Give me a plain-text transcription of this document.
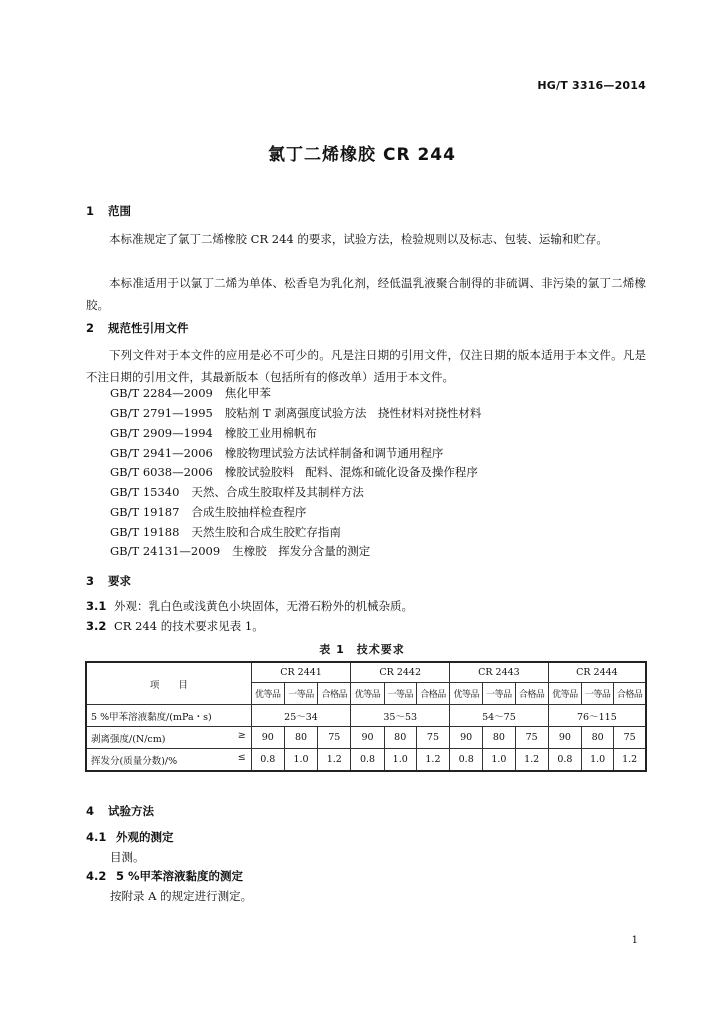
HG/T 3316—2014
氯丁二烯橡胶 CR 244
1 范围
本标准规定了氯丁二烯橡胶 CR 244 的要求，试验方法，检验规则以及标志、包装、运输和贮存。
本标准适用于以氯丁二烯为单体、松香皂为乳化剂，经低温乳液聚合制得的非硫调、非污染的氯丁二烯橡胶。
2 规范性引用文件
下列文件对于本文件的应用是必不可少的。凡是注日期的引用文件，仅注日期的版本适用于本文件。凡是不注日期的引用文件，其最新版本（包括所有的修改单）适用于本文件。
GB/T 2284—2009 焦化甲苯
GB/T 2791—1995 胶粘剂 T 剥离强度试验方法　挠性材料对挠性材料
GB/T 2909—1994 橡胶工业用棉帆布
GB/T 2941—2006 橡胶物理试验方法试样制备和调节通用程序
GB/T 6038—2006 橡胶试验胶料　配料、混炼和硫化设备及操作程序
GB/T 15340 天然、合成生胶取样及其制样方法
GB/T 19187 合成生胶抽样检查程序
GB/T 19188 天然生胶和合成生胶贮存指南
GB/T 24131—2009 生橡胶　挥发分含量的测定
3 要求
3.1 外观：乳白色或浅黄色小块固体，无滑石粉外的机械杂质。
3.2 CR 244 的技术要求见表 1。
表 1　技术要求
项　　目	CR 2441			CR 2442			CR 2443			CR 2444		
	优等品	一等品	合格品	优等品	一等品	合格品	优等品	一等品	合格品	优等品	一等品	合格品
5 %甲苯溶液黏度/(mPa・s)	25～34			35～53			54～75			76～115		
剥离强度/(N/cm) ≥	90	80	75	90	80	75	90	80	75	90	80	75
挥发分(质量分数)/% ≤	0.8	1.0	1.2	0.8	1.0	1.2	0.8	1.0	1.2	0.8	1.0	1.2
4 试验方法
4.1 外观的测定
目测。
4.2 5 %甲苯溶液黏度的测定
按附录 A 的规定进行测定。
1
